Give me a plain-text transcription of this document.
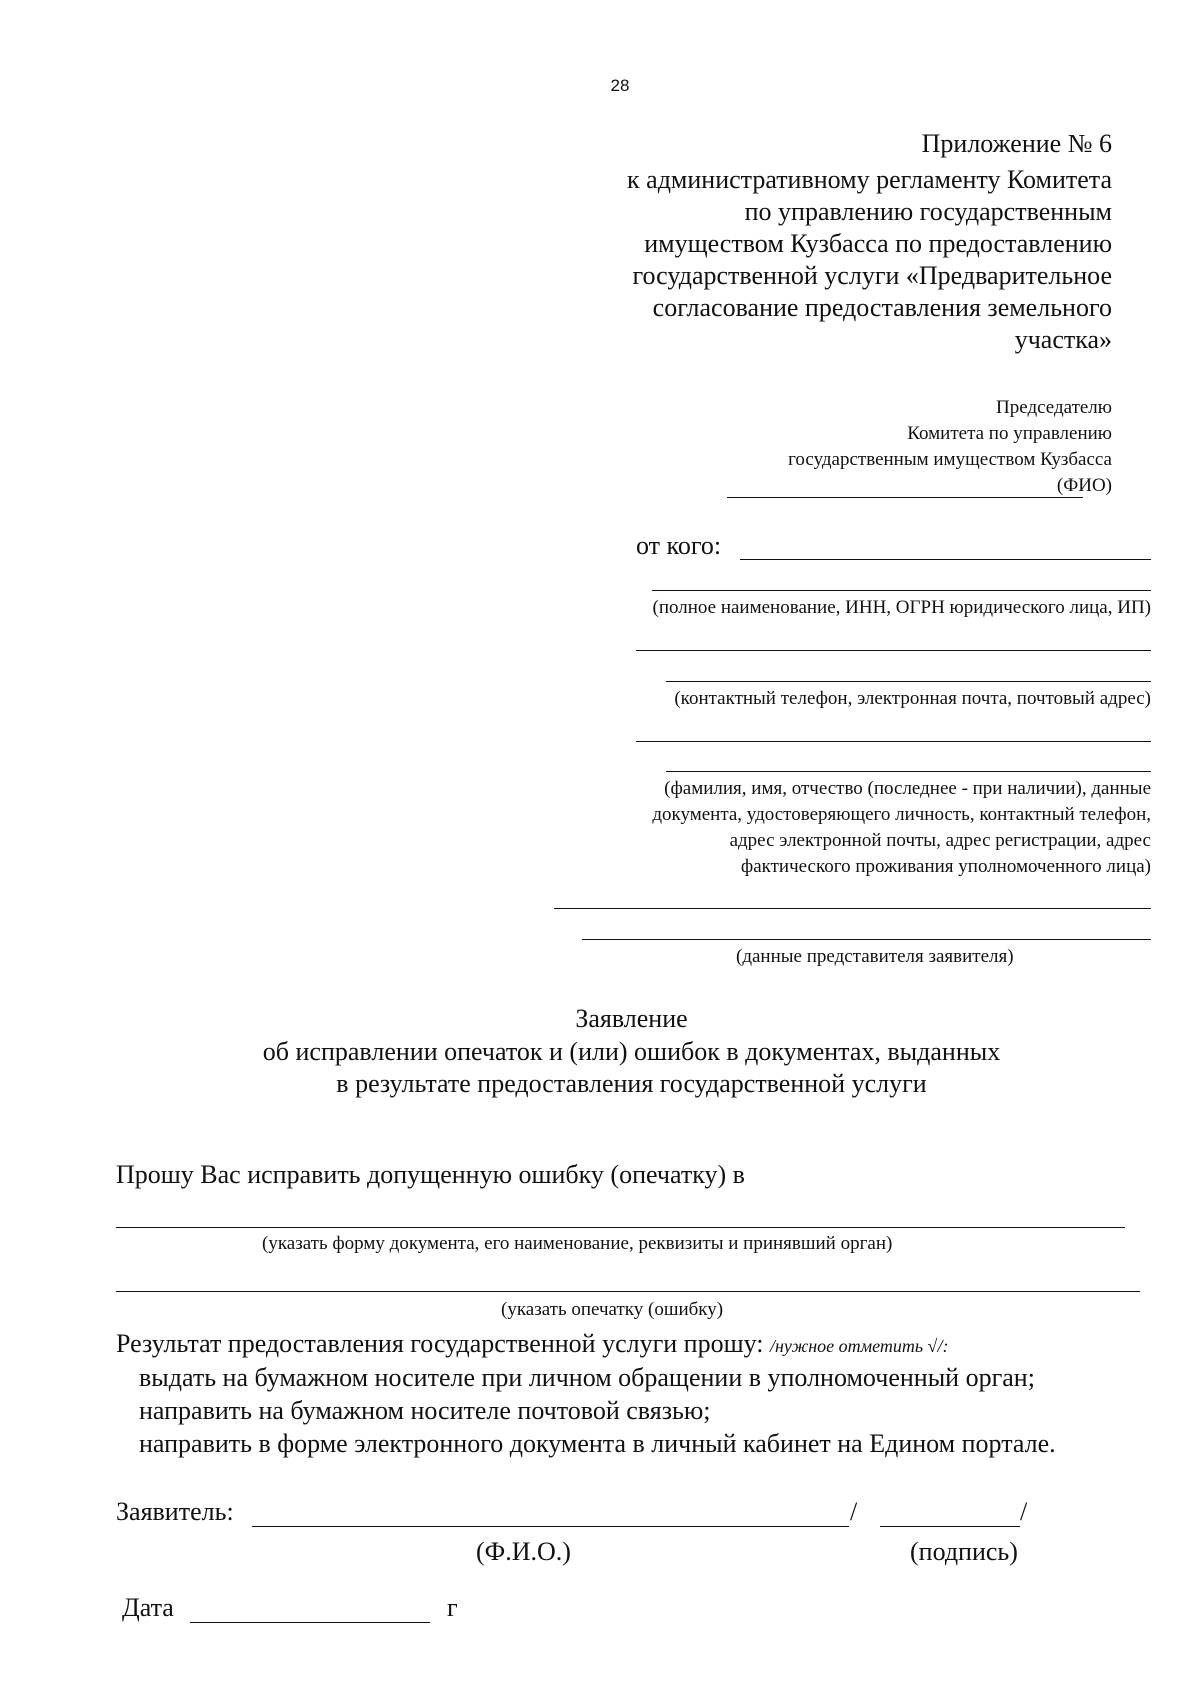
28
Приложение № 6
к административному регламенту Комитета
по управлению государственным
имуществом Кузбасса по предоставлению
государственной услуги «Предварительное
согласование предоставления земельного
участка»
Председателю
Комитета по управлению
государственным имуществом Кузбасса
(ФИО)
от кого:
(полное наименование, ИНН, ОГРН юридического лица, ИП)
(контактный телефон, электронная почта, почтовый адрес)
(фамилия, имя, отчество (последнее - при наличии), данные
документа, удостоверяющего личность, контактный телефон,
адрес электронной почты, адрес регистрации, адрес
фактического проживания уполномоченного лица)
(данные представителя заявителя)
Заявление
об исправлении опечаток и (или) ошибок в документах, выданных
в результате предоставления государственной услуги
Прошу Вас исправить допущенную ошибку (опечатку) в
(указать форму документа, его наименование, реквизиты и принявший орган)
(указать опечатку (ошибку)
Результат предоставления государственной услуги прошу: /нужное отметить √/:
выдать на бумажном носителе при личном обращении в уполномоченный орган;
направить на бумажном носителе почтовой связью;
направить в форме электронного документа в личный кабинет на Едином портале.
Заявитель:	/	/
(Ф.И.О.)	(подпись)
Дата	г
